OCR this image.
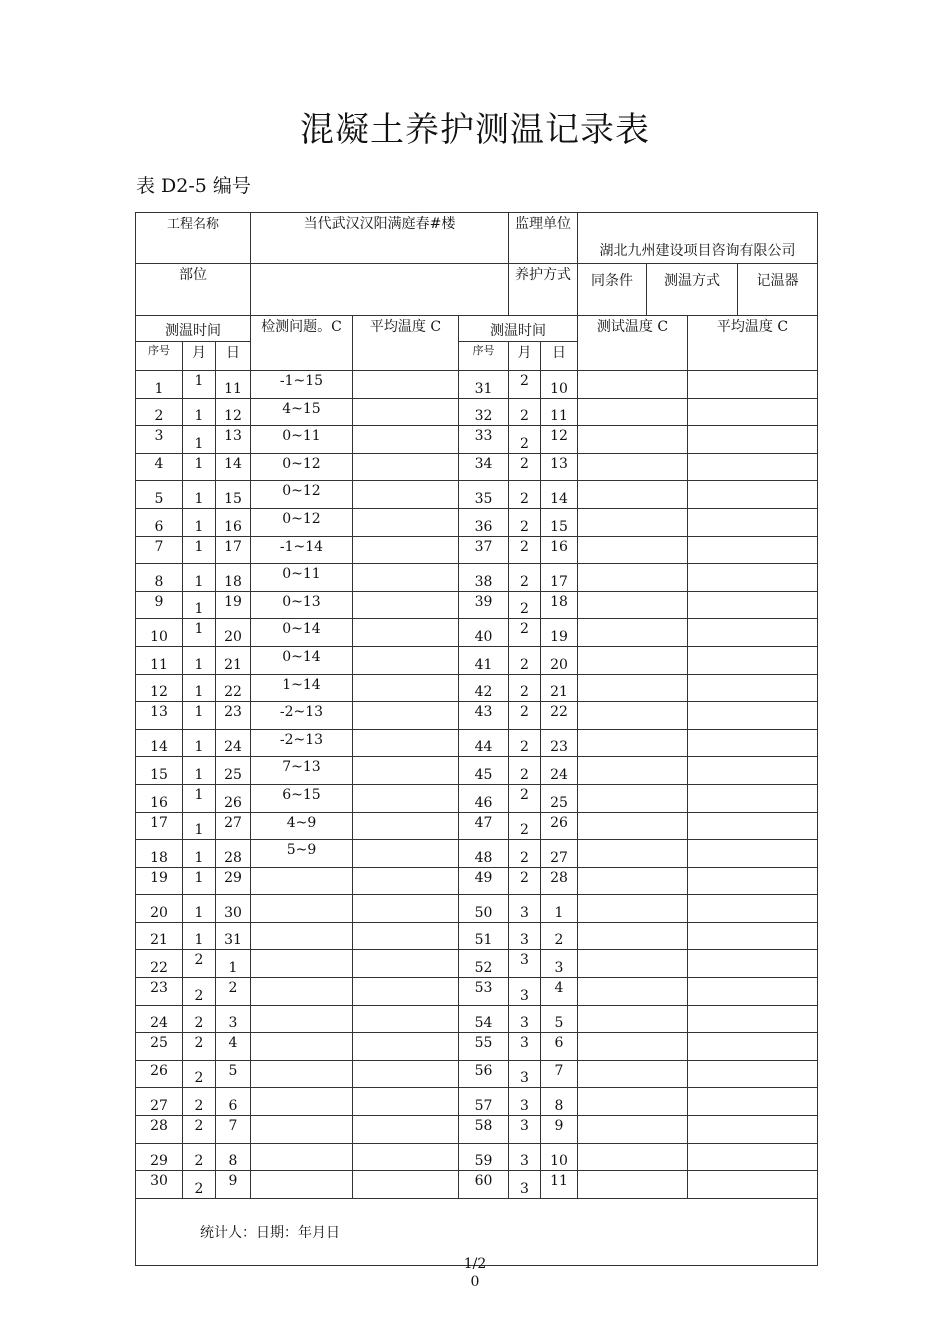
混凝土养护测温记录表
表 D2-5 编号
工程名称			当代武汉汉阳满庭春#楼			监理单位		湖北九州建设项目咨询有限公司	
部位						养护方式		同条件 测温方式 记温器	

测温时间			检测问题。C	平均温度 C	测温时间			测试温度 C	平均温度 C
序号	月	日			序号	月	日		
1	1	11	-1~15		31	2	10		
2	1	12	4~15		32	2	11		
3	1	13	0~11		33	2	12		
4	1	14	0~12		34	2	13		
5	1	15	0~12		35	2	14		
6	1	16	0~12		36	2	15		
7	1	17	-1~14		37	2	16		
8	1	18	0~11		38	2	17		
9	1	19	0~13		39	2	18		
10	1	20	0~14		40	2	19		
11	1	21	0~14		41	2	20		
12	1	22	1~14		42	2	21		
13	1	23	-2~13		43	2	22		
14	1	24	-2~13		44	2	23		
15	1	25	7~13		45	2	24		
16	1	26	6~15		46	2	25		
17	1	27	4~9		47	2	26		
18	1	28	5~9		48	2	27		
19	1	29			49	2	28		
20	1	30			50	3	1		
21	1	31			51	3	2		
22	2	1			52	3	3		
23	2	2			53	3	4		
24	2	3			54	3	5		
25	2	4			55	3	6		
26	2	5			56	3	7		
27	2	6			57	3	8		
28	2	7			58	3	9		
29	2	8			59	3	10		
30	2	9			60	3	11		
统计人：日期：年月日									
1/2
0
